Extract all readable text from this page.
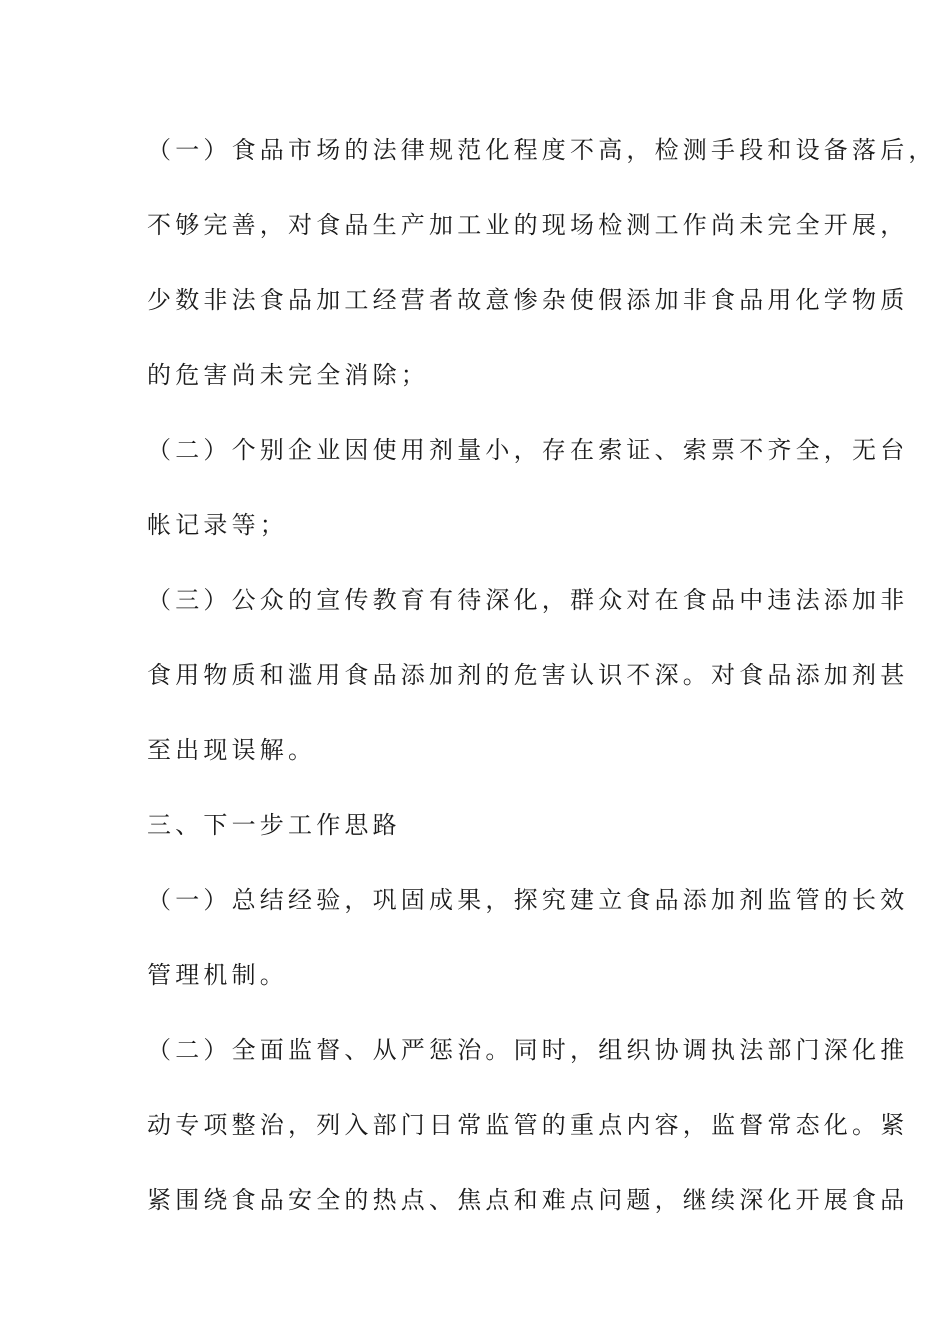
（一）食品市场的法律规范化程度不高，检测手段和设备落后，
不够完善，对食品生产加工业的现场检测工作尚未完全开展，
少数非法食品加工经营者故意惨杂使假添加非食品用化学物质
的危害尚未完全消除；
（二）个别企业因使用剂量小，存在索证、索票不齐全，无台
帐记录等；
（三）公众的宣传教育有待深化，群众对在食品中违法添加非
食用物质和滥用食品添加剂的危害认识不深。对食品添加剂甚
至出现误解。
三、下一步工作思路
（一）总结经验，巩固成果，探究建立食品添加剂监管的长效
管理机制。
（二）全面监督、从严惩治。同时，组织协调执法部门深化推
动专项整治，列入部门日常监管的重点内容，监督常态化。紧
紧围绕食品安全的热点、焦点和难点问题，继续深化开展食品
